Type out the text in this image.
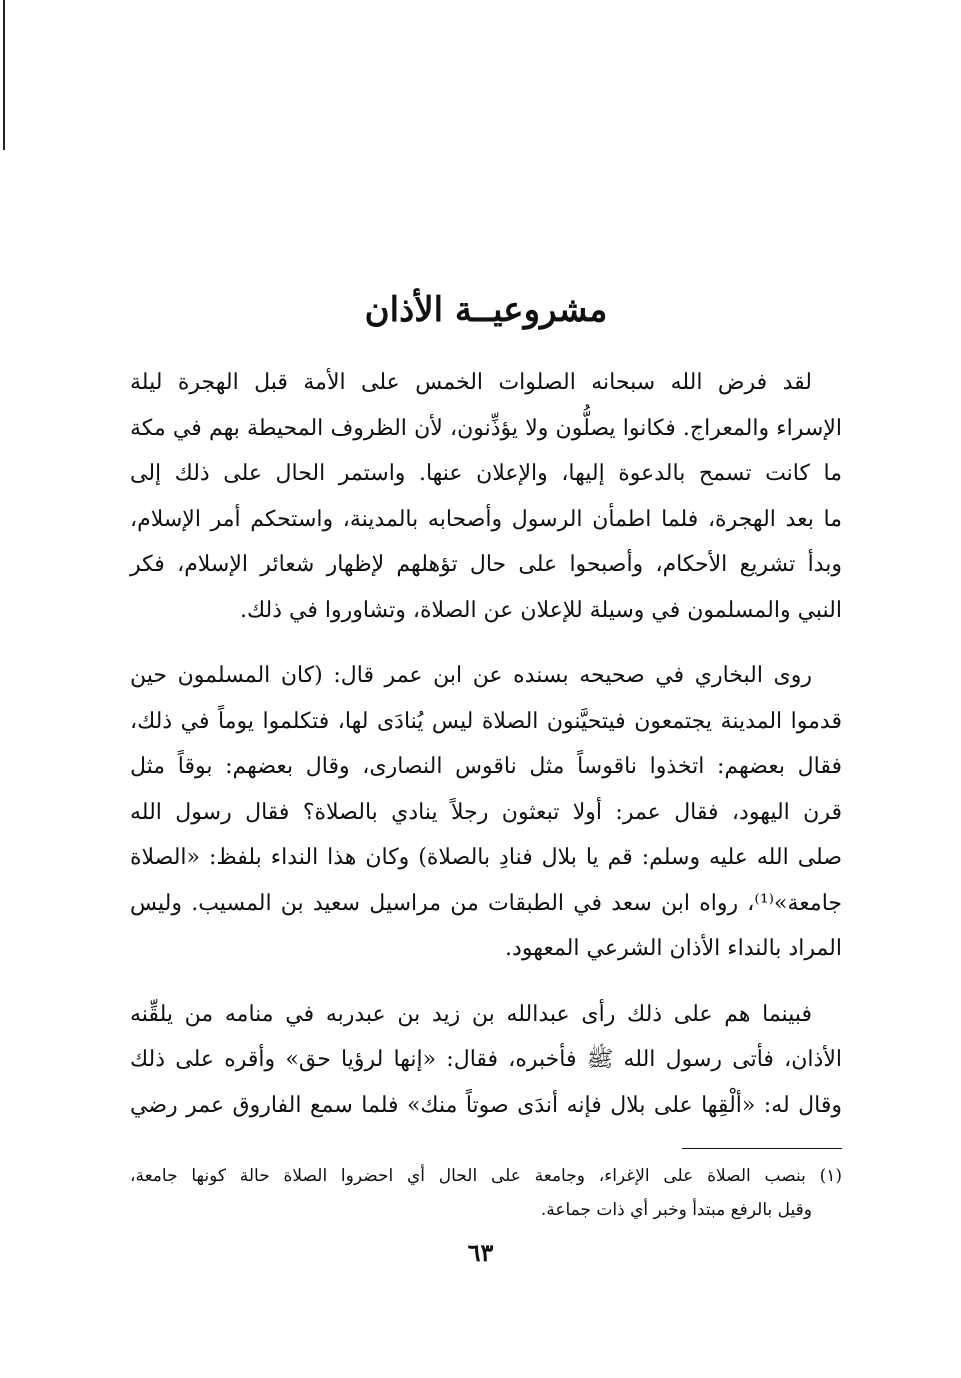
مشروعيــة الأذان
لقد فرض الله سبحانه الصلوات الخمس على الأمة قبل الهجرة ليلة
الإسراء والمعراج. فكانوا يصلُّون ولا يؤذِّنون، لأن الظروف المحيطة بهم في مكة
ما كانت تسمح بالدعوة إليها، والإعلان عنها. واستمر الحال على ذلك إلى
ما بعد الهجرة، فلما اطمأن الرسول وأصحابه بالمدينة، واستحكم أمر الإسلام،
وبدأ تشريع الأحكام، وأصبحوا على حال تؤهلهم لإظهار شعائر الإسلام، فكر
النبي والمسلمون في وسيلة للإعلان عن الصلاة، وتشاوروا في ذلك.
روى البخاري في صحيحه بسنده عن ابن عمر قال: (كان المسلمون حين
قدموا المدينة يجتمعون فيتحيَّنون الصلاة ليس يُنادَى لها، فتكلموا يوماً في ذلك،
فقال بعضهم: اتخذوا ناقوساً مثل ناقوس النصارى، وقال بعضهم: بوقاً مثل
قرن اليهود، فقال عمر: أولا تبعثون رجلاً ينادي بالصلاة؟ فقال رسول الله
صلى الله عليه وسلم: قم يا بلال فنادِ بالصلاة) وكان هذا النداء بلفظ: «الصلاة
جامعة»⁽¹⁾، رواه ابن سعد في الطبقات من مراسيل سعيد بن المسيب. وليس
المراد بالنداء الأذان الشرعي المعهود.
فبينما هم على ذلك رأى عبدالله بن زيد بن عبدربه في منامه من يلقِّنه
الأذان، فأتى رسول الله ﷺ فأخبره، فقال: «إنها لرؤيا حق» وأقره على ذلك
وقال له: «ألْقِها على بلال فإنه أندَى صوتاً منك» فلما سمع الفاروق عمر رضي
(١) بنصب الصلاة على الإغراء، وجامعة على الحال أي احضروا الصلاة حالة كونها جامعة،
وقيل بالرفع مبتدأ وخبر أي ذات جماعة.
٦٣
